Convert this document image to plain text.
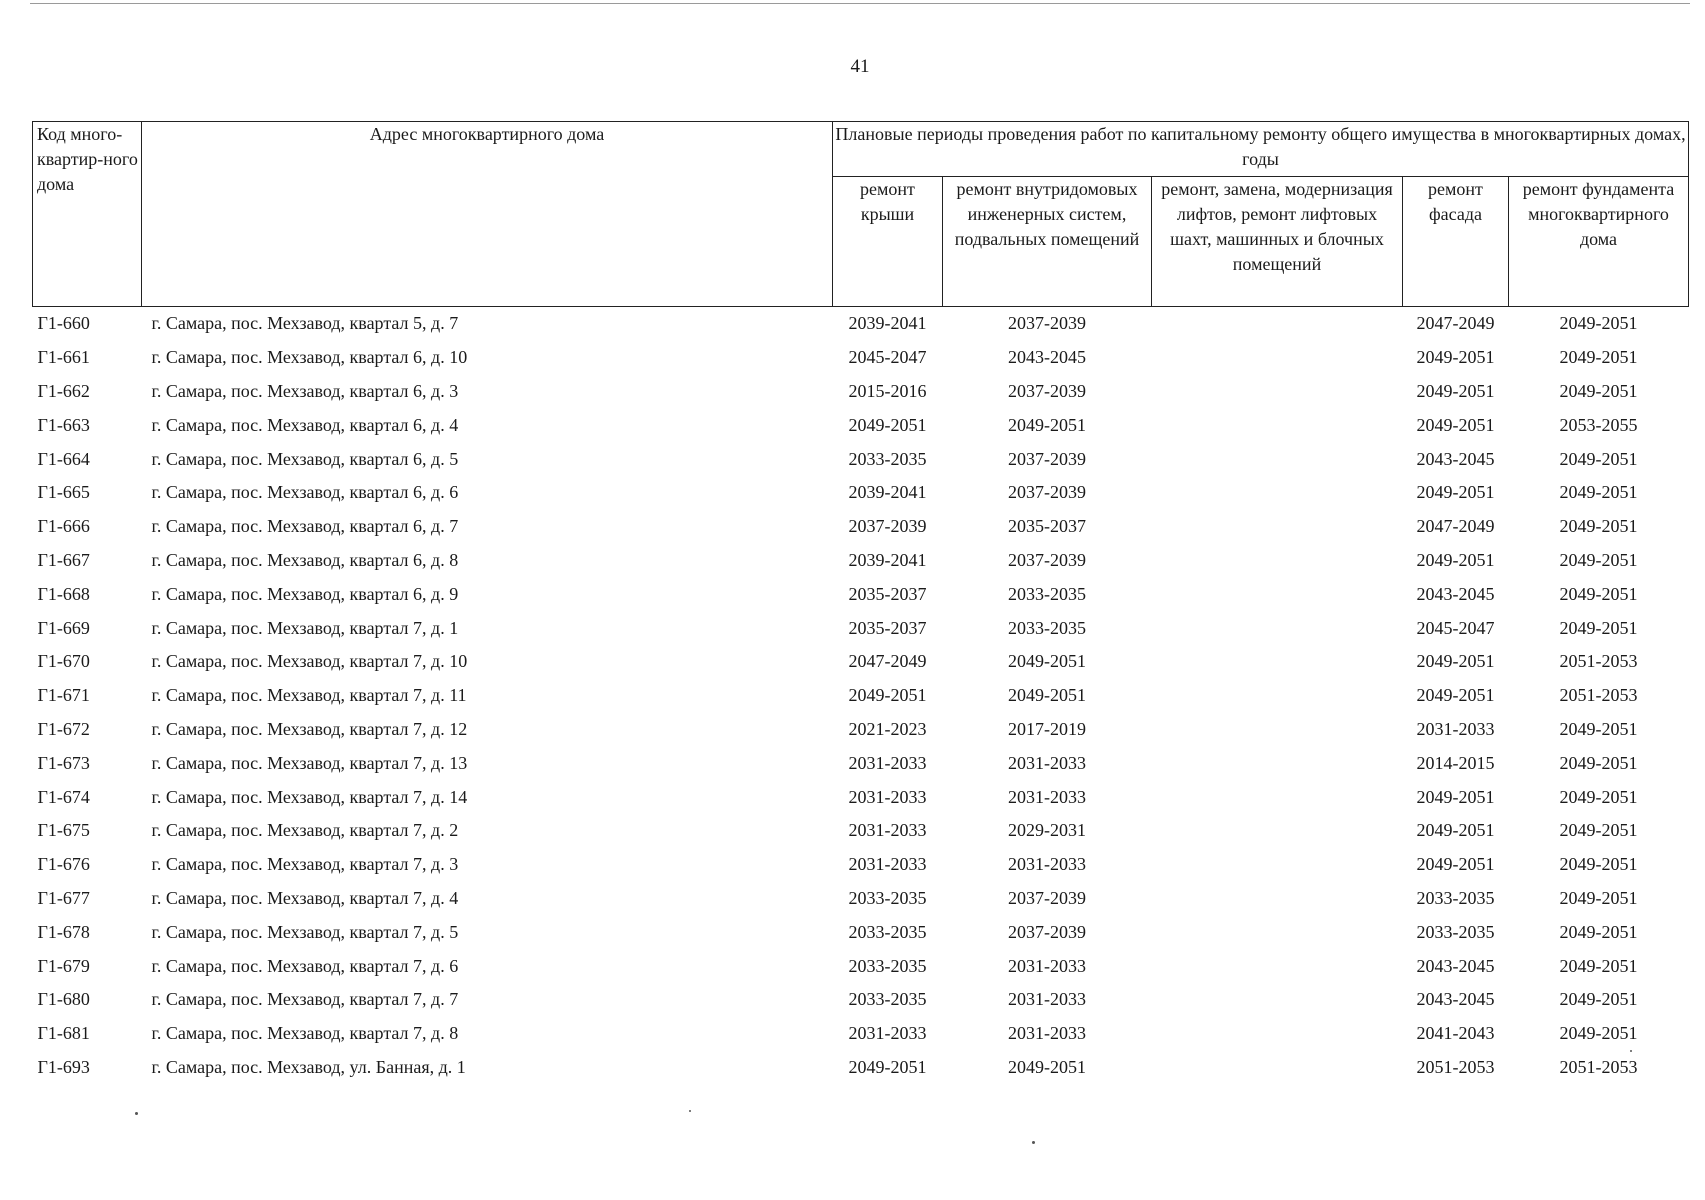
41
Код много-квартир-ного дома	Адрес многоквартирного дома	Плановые периоды проведения работ по капитальному ремонту общего имущества в многоквартирных домах, годы				
		ремонт крыши	ремонт внутридомовых инженерных систем, подвальных помещений	ремонт, замена, модернизация лифтов, ремонт лифтовых шахт, машинных и блочных помещений	ремонт фасада	ремонт фундамента многоквартирного дома
Г1-660	г. Самара, пос. Мехзавод, квартал 5, д. 7	2039-2041	2037-2039		2047-2049	2049-2051
Г1-661	г. Самара, пос. Мехзавод, квартал 6, д. 10	2045-2047	2043-2045		2049-2051	2049-2051
Г1-662	г. Самара, пос. Мехзавод, квартал 6, д. 3	2015-2016	2037-2039		2049-2051	2049-2051
Г1-663	г. Самара, пос. Мехзавод, квартал 6, д. 4	2049-2051	2049-2051		2049-2051	2053-2055
Г1-664	г. Самара, пос. Мехзавод, квартал 6, д. 5	2033-2035	2037-2039		2043-2045	2049-2051
Г1-665	г. Самара, пос. Мехзавод, квартал 6, д. 6	2039-2041	2037-2039		2049-2051	2049-2051
Г1-666	г. Самара, пос. Мехзавод, квартал 6, д. 7	2037-2039	2035-2037		2047-2049	2049-2051
Г1-667	г. Самара, пос. Мехзавод, квартал 6, д. 8	2039-2041	2037-2039		2049-2051	2049-2051
Г1-668	г. Самара, пос. Мехзавод, квартал 6, д. 9	2035-2037	2033-2035		2043-2045	2049-2051
Г1-669	г. Самара, пос. Мехзавод, квартал 7, д. 1	2035-2037	2033-2035		2045-2047	2049-2051
Г1-670	г. Самара, пос. Мехзавод, квартал 7, д. 10	2047-2049	2049-2051		2049-2051	2051-2053
Г1-671	г. Самара, пос. Мехзавод, квартал 7, д. 11	2049-2051	2049-2051		2049-2051	2051-2053
Г1-672	г. Самара, пос. Мехзавод, квартал 7, д. 12	2021-2023	2017-2019		2031-2033	2049-2051
Г1-673	г. Самара, пос. Мехзавод, квартал 7, д. 13	2031-2033	2031-2033		2014-2015	2049-2051
Г1-674	г. Самара, пос. Мехзавод, квартал 7, д. 14	2031-2033	2031-2033		2049-2051	2049-2051
Г1-675	г. Самара, пос. Мехзавод, квартал 7, д. 2	2031-2033	2029-2031		2049-2051	2049-2051
Г1-676	г. Самара, пос. Мехзавод, квартал 7, д. 3	2031-2033	2031-2033		2049-2051	2049-2051
Г1-677	г. Самара, пос. Мехзавод, квартал 7, д. 4	2033-2035	2037-2039		2033-2035	2049-2051
Г1-678	г. Самара, пос. Мехзавод, квартал 7, д. 5	2033-2035	2037-2039		2033-2035	2049-2051
Г1-679	г. Самара, пос. Мехзавод, квартал 7, д. 6	2033-2035	2031-2033		2043-2045	2049-2051
Г1-680	г. Самара, пос. Мехзавод, квартал 7, д. 7	2033-2035	2031-2033		2043-2045	2049-2051
Г1-681	г. Самара, пос. Мехзавод, квартал 7, д. 8	2031-2033	2031-2033		2041-2043	2049-2051
Г1-693	г. Самара, пос. Мехзавод, ул. Банная, д. 1	2049-2051	2049-2051		2051-2053	2051-2053
